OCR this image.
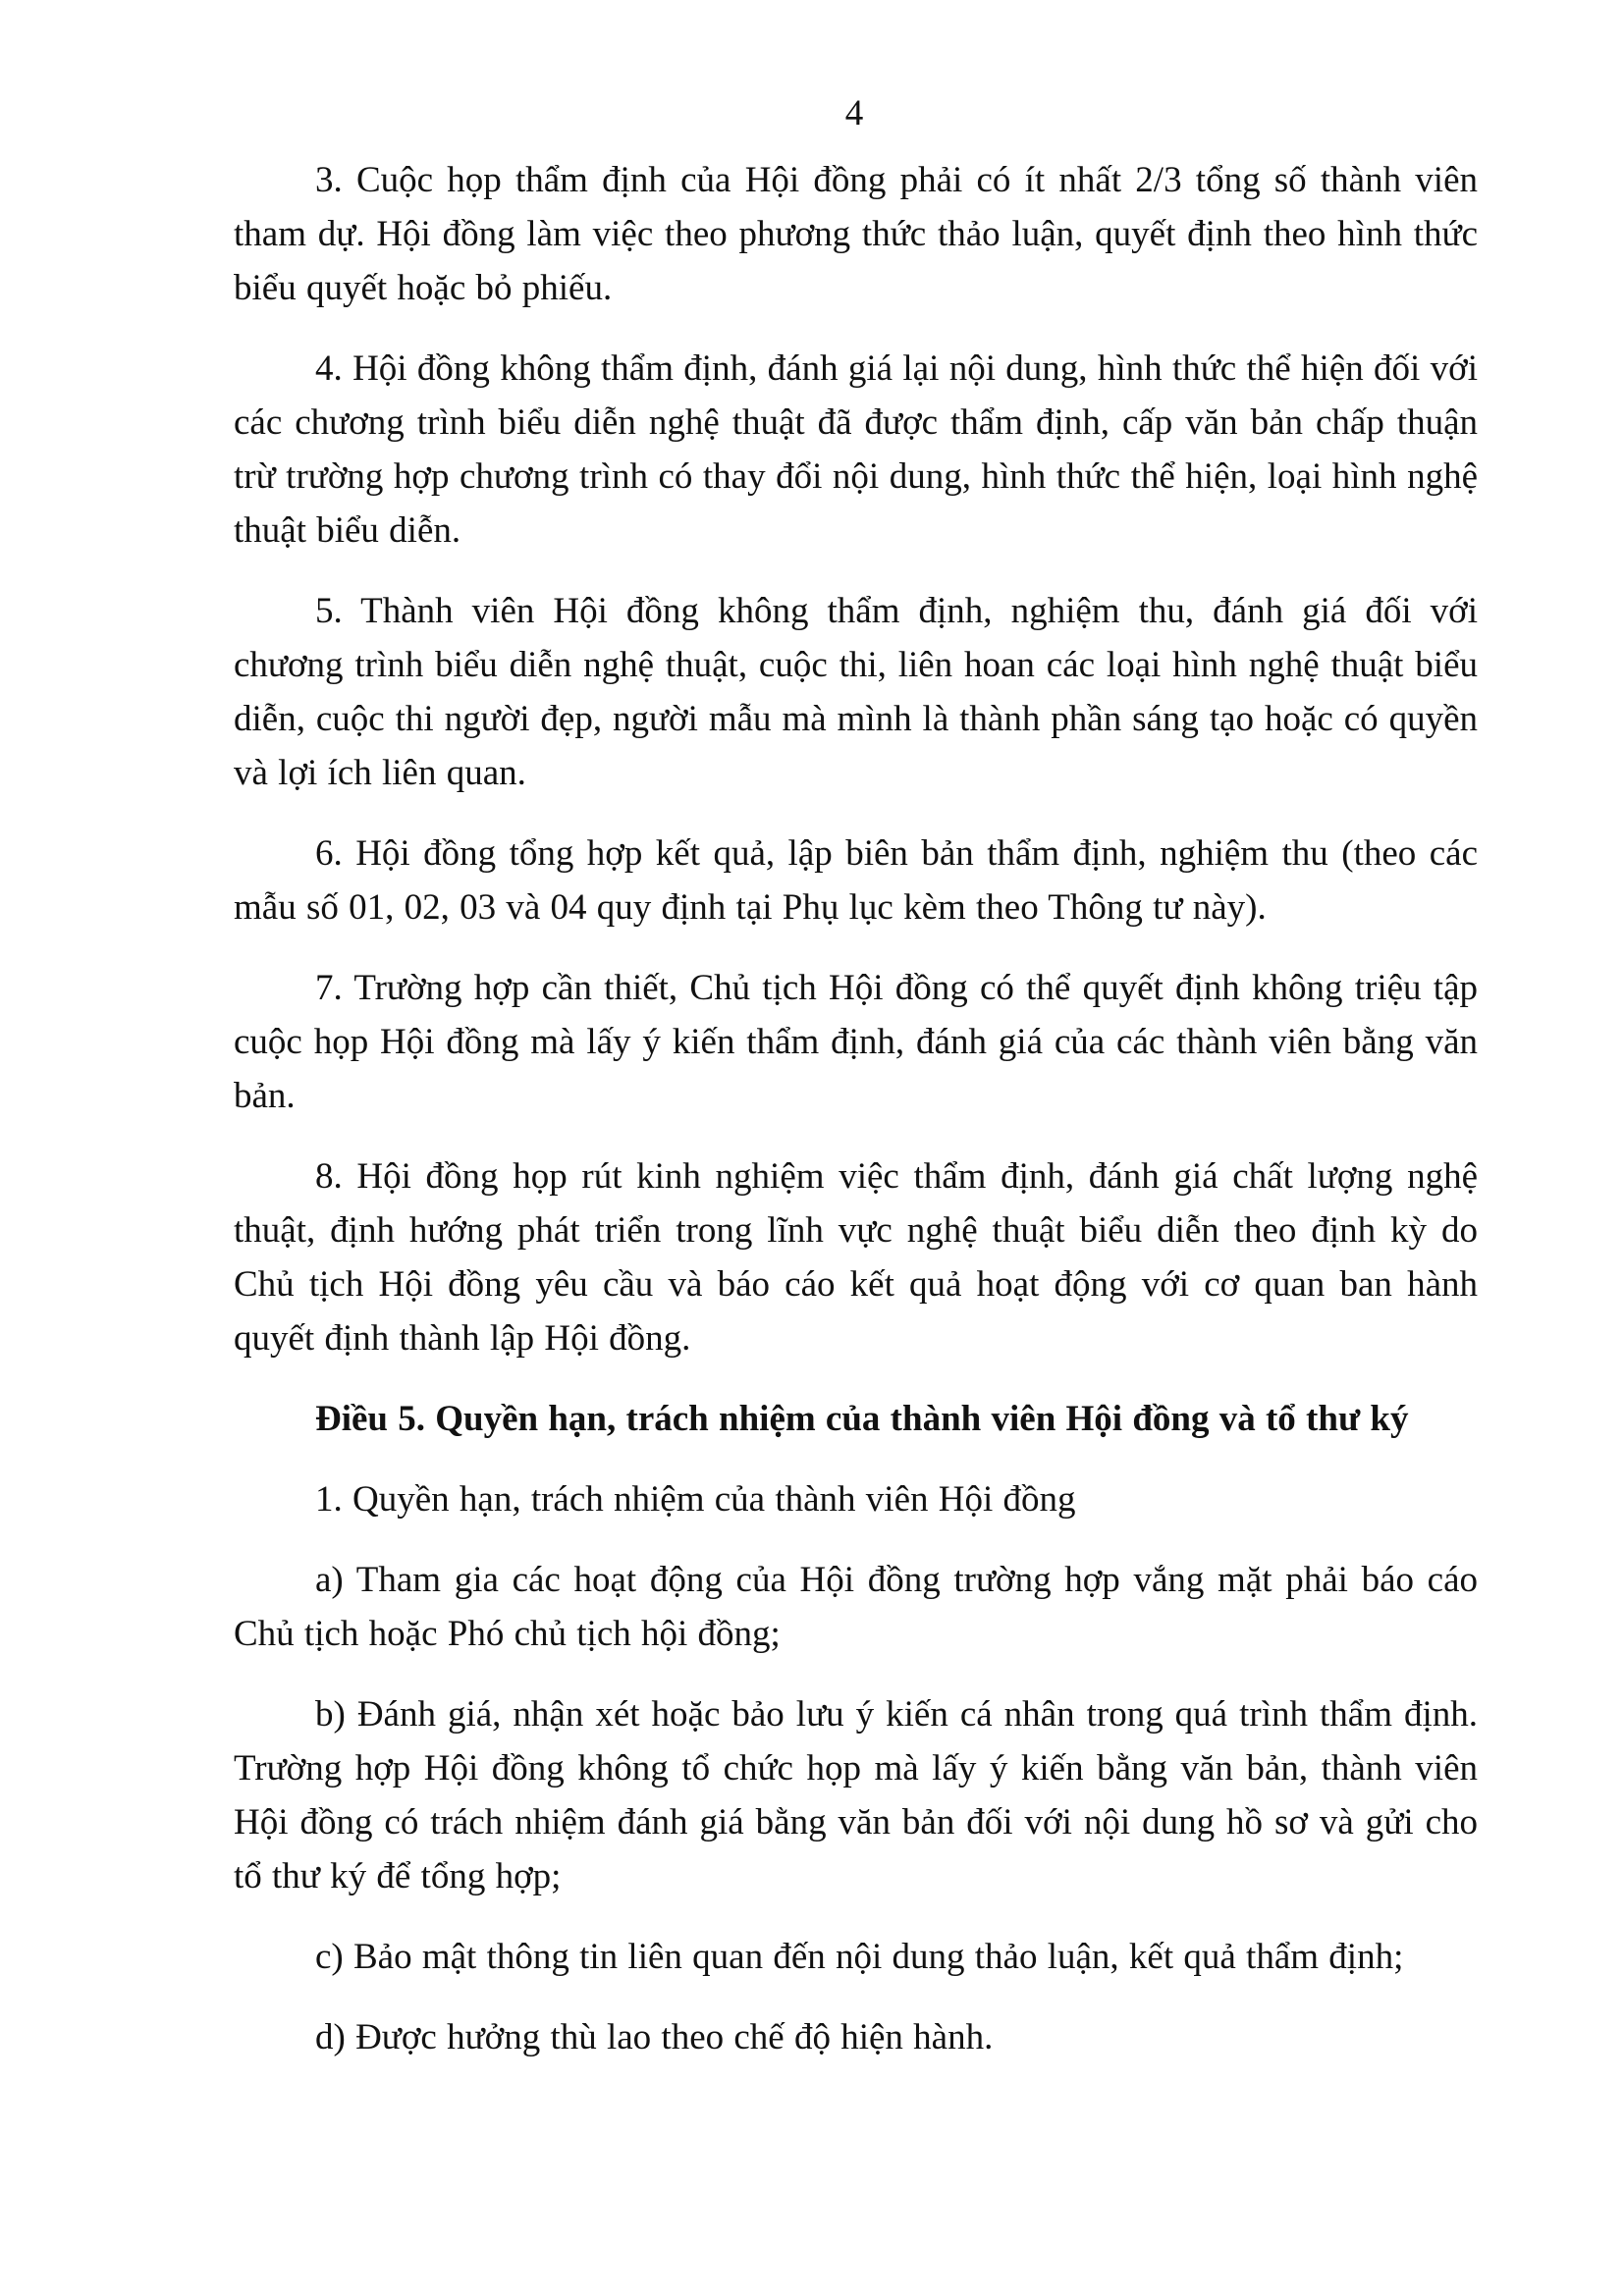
4

3. Cuộc họp thẩm định của Hội đồng phải có ít nhất 2/3 tổng số thành viên tham dự. Hội đồng làm việc theo phương thức thảo luận, quyết định theo hình thức biểu quyết hoặc bỏ phiếu.

4. Hội đồng không thẩm định, đánh giá lại nội dung, hình thức thể hiện đối với các chương trình biểu diễn nghệ thuật đã được thẩm định, cấp văn bản chấp thuận trừ trường hợp chương trình có thay đổi nội dung, hình thức thể hiện, loại hình nghệ thuật biểu diễn.

5. Thành viên Hội đồng không thẩm định, nghiệm thu, đánh giá đối với chương trình biểu diễn nghệ thuật, cuộc thi, liên hoan các loại hình nghệ thuật biểu diễn, cuộc thi người đẹp, người mẫu mà mình là thành phần sáng tạo hoặc có quyền và lợi ích liên quan.

6. Hội đồng tổng hợp kết quả, lập biên bản thẩm định, nghiệm thu (theo các mẫu số 01, 02, 03 và 04 quy định tại Phụ lục kèm theo Thông tư này).

7. Trường hợp cần thiết, Chủ tịch Hội đồng có thể quyết định không triệu tập cuộc họp Hội đồng mà lấy ý kiến thẩm định, đánh giá của các thành viên bằng văn bản.

8. Hội đồng họp rút kinh nghiệm việc thẩm định, đánh giá chất lượng nghệ thuật, định hướng phát triển trong lĩnh vực nghệ thuật biểu diễn theo định kỳ do Chủ tịch Hội đồng yêu cầu và báo cáo kết quả hoạt động với cơ quan ban hành quyết định thành lập Hội đồng.

Điều 5. Quyền hạn, trách nhiệm của thành viên Hội đồng và tổ thư ký

1. Quyền hạn, trách nhiệm của thành viên Hội đồng

a) Tham gia các hoạt động của Hội đồng trường hợp vắng mặt phải báo cáo Chủ tịch hoặc Phó chủ tịch hội đồng;

b) Đánh giá, nhận xét hoặc bảo lưu ý kiến cá nhân trong quá trình thẩm định. Trường hợp Hội đồng không tổ chức họp mà lấy ý kiến bằng văn bản, thành viên Hội đồng có trách nhiệm đánh giá bằng văn bản đối với nội dung hồ sơ và gửi cho tổ thư ký để tổng hợp;

c) Bảo mật thông tin liên quan đến nội dung thảo luận, kết quả thẩm định;

d) Được hưởng thù lao theo chế độ hiện hành.
